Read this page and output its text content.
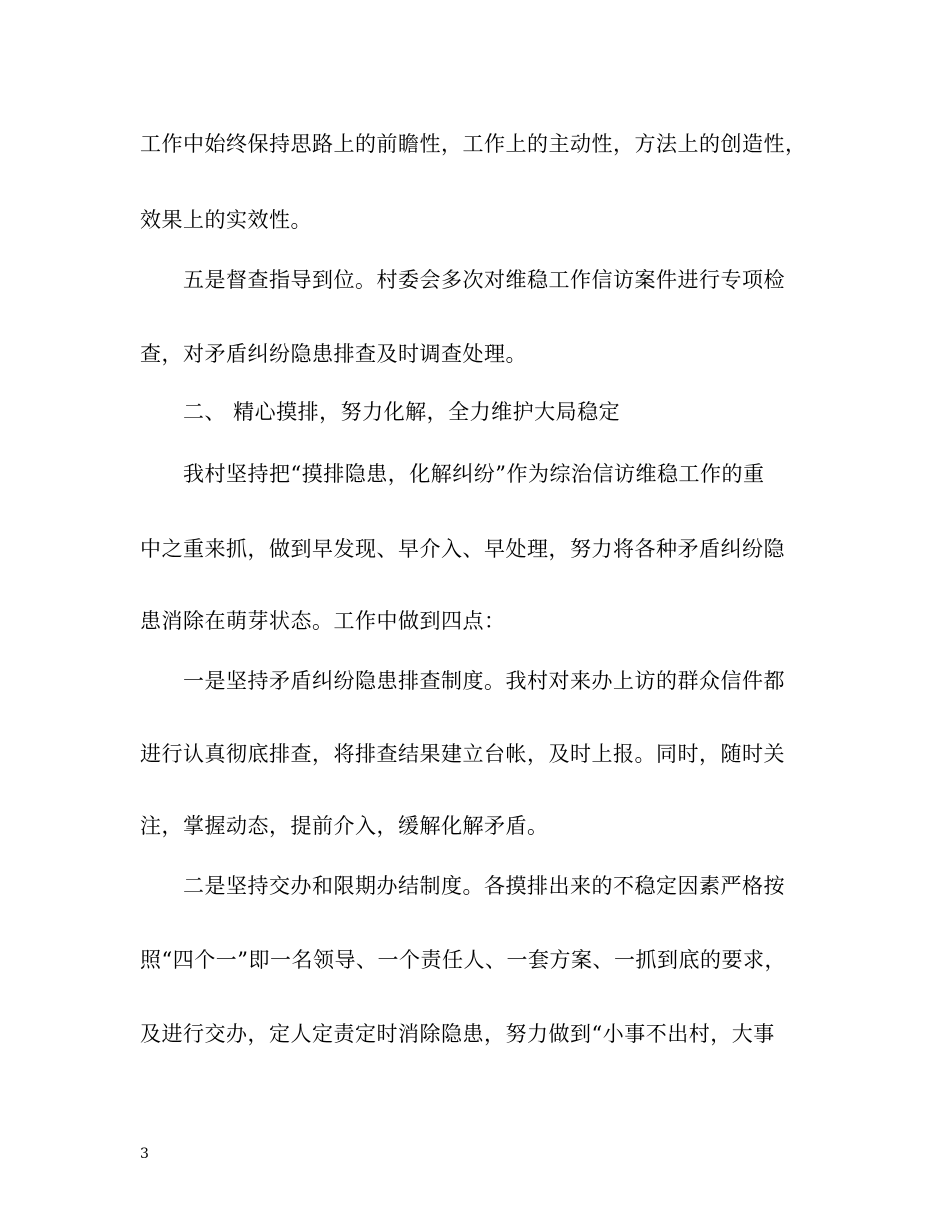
工作中始终保持思路上的前瞻性，工作上的主动性，方法上的创造性，
效果上的实效性。
五是督查指导到位。村委会多次对维稳工作信访案件进行专项检
查，对矛盾纠纷隐患排查及时调查处理。
二、 精心摸排，努力化解，全力维护大局稳定
我村坚持把“摸排隐患，化解纠纷”作为综治信访维稳工作的重
中之重来抓，做到早发现、早介入、早处理，努力将各种矛盾纠纷隐
患消除在萌芽状态。工作中做到四点：
一是坚持矛盾纠纷隐患排查制度。我村对来办上访的群众信件都
进行认真彻底排查，将排查结果建立台帐，及时上报。同时，随时关
注，掌握动态，提前介入，缓解化解矛盾。
二是坚持交办和限期办结制度。各摸排出来的不稳定因素严格按
照“四个一”即一名领导、一个责任人、一套方案、一抓到底的要求，
及进行交办，定人定责定时消除隐患，努力做到“小事不出村，大事
3
